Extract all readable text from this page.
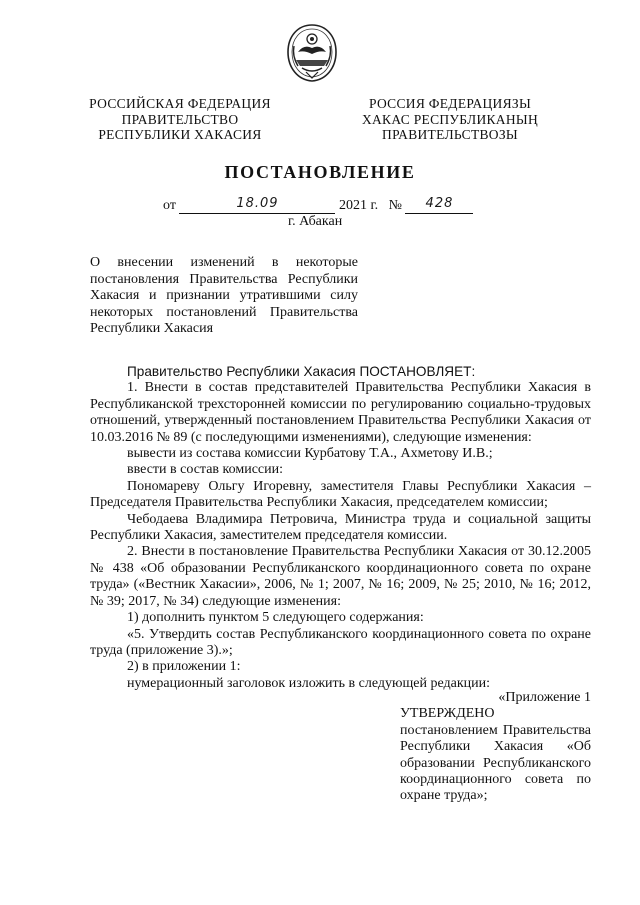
РОССИЙСКАЯ ФЕДЕРАЦИЯ
ПРАВИТЕЛЬСТВО
РЕСПУБЛИКИ ХАКАСИЯ
РОССИЯ ФЕДЕРАЦИЯЗЫ
ХАКАС РЕСПУБЛИКАНЫҢ
ПРАВИТЕЛЬСТВОЗЫ
ПОСТАНОВЛЕНИЕ
от	18.09	2021 г. № 428
г. Абакан
О внесении изменений в некоторые постановления Правительства Республики Хакасия и признании утратившими силу некоторых постановлений Правительства Республики Хакасия

Правительство Республики Хакасия ПОСТАНОВЛЯЕТ:

1. Внести в состав представителей Правительства Республики Хакасия в Республиканской трехсторонней комиссии по регулированию социально-трудовых отношений, утвержденный постановлением Правительства Республики Хакасия от 10.03.2016 № 89 (с последующими изменениями), следующие изменения:

вывести из состава комиссии Курбатову Т.А., Ахметову И.В.;

ввести в состав комиссии:

Пономареву Ольгу Игоревну, заместителя Главы Республики Хакасия – Председателя Правительства Республики Хакасия, председателем комиссии;

Чебодаева Владимира Петровича, Министра труда и социальной защиты Республики Хакасия, заместителем председателя комиссии.

2. Внести в постановление Правительства Республики Хакасия от 30.12.2005 № 438 «Об образовании Республиканского координационного совета по охране труда» («Вестник Хакасии», 2006, № 1; 2007, № 16; 2009, № 25; 2010, № 16; 2012, № 39; 2017, № 34) следующие изменения:

1) дополнить пунктом 5 следующего содержания:

«5. Утвердить состав Республиканского координационного совета по охране труда (приложение 3).»;

2) в приложении 1:

нумерационный заголовок изложить в следующей редакции:

«Приложение 1
УТВЕРЖДЕНО

постановлением Правительства Республики Хакасия «Об образовании Республиканского координационного совета по охране труда»;
